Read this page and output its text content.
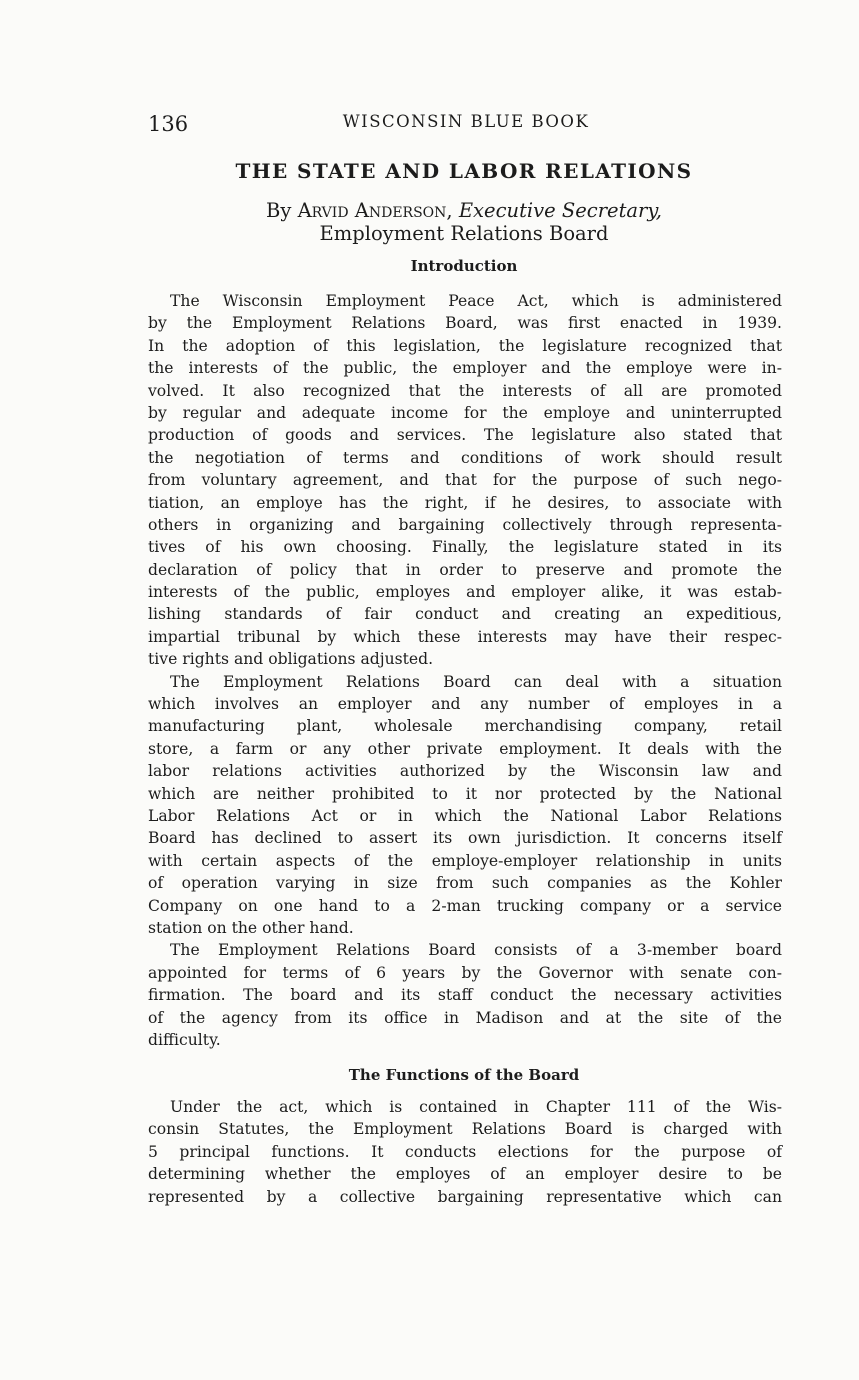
136	WISCONSIN BLUE BOOK
THE STATE AND LABOR RELATIONS
By Arvid Anderson, Executive Secretary,
Employment Relations Board
Introduction
The Wisconsin Employment Peace Act, which is administered
by the Employment Relations Board, was first enacted in 1939.
In the adoption of this legislation, the legislature recognized that
the interests of the public, the employer and the employe were in-
volved. It also recognized that the interests of all are promoted
by regular and adequate income for the employe and uninterrupted
production of goods and services. The legislature also stated that
the negotiation of terms and conditions of work should result
from voluntary agreement, and that for the purpose of such nego-
tiation, an employe has the right, if he desires, to associate with
others in organizing and bargaining collectively through representa-
tives of his own choosing. Finally, the legislature stated in its
declaration of policy that in order to preserve and promote the
interests of the public, employes and employer alike, it was estab-
lishing standards of fair conduct and creating an expeditious,
impartial tribunal by which these interests may have their respec-
tive rights and obligations adjusted.
The Employment Relations Board can deal with a situation
which involves an employer and any number of employes in a
manufacturing plant, wholesale merchandising company, retail
store, a farm or any other private employment. It deals with the
labor relations activities authorized by the Wisconsin law and
which are neither prohibited to it nor protected by the National
Labor Relations Act or in which the National Labor Relations
Board has declined to assert its own jurisdiction. It concerns itself
with certain aspects of the employe-employer relationship in units
of operation varying in size from such companies as the Kohler
Company on one hand to a 2-man trucking company or a service
station on the other hand.
The Employment Relations Board consists of a 3-member board
appointed for terms of 6 years by the Governor with senate con-
firmation. The board and its staff conduct the necessary activities
of the agency from its office in Madison and at the site of the
difficulty.
The Functions of the Board
Under the act, which is contained in Chapter 111 of the Wis-
consin Statutes, the Employment Relations Board is charged with
5 principal functions. It conducts elections for the purpose of
determining whether the employes of an employer desire to be
represented by a collective bargaining representative which can
